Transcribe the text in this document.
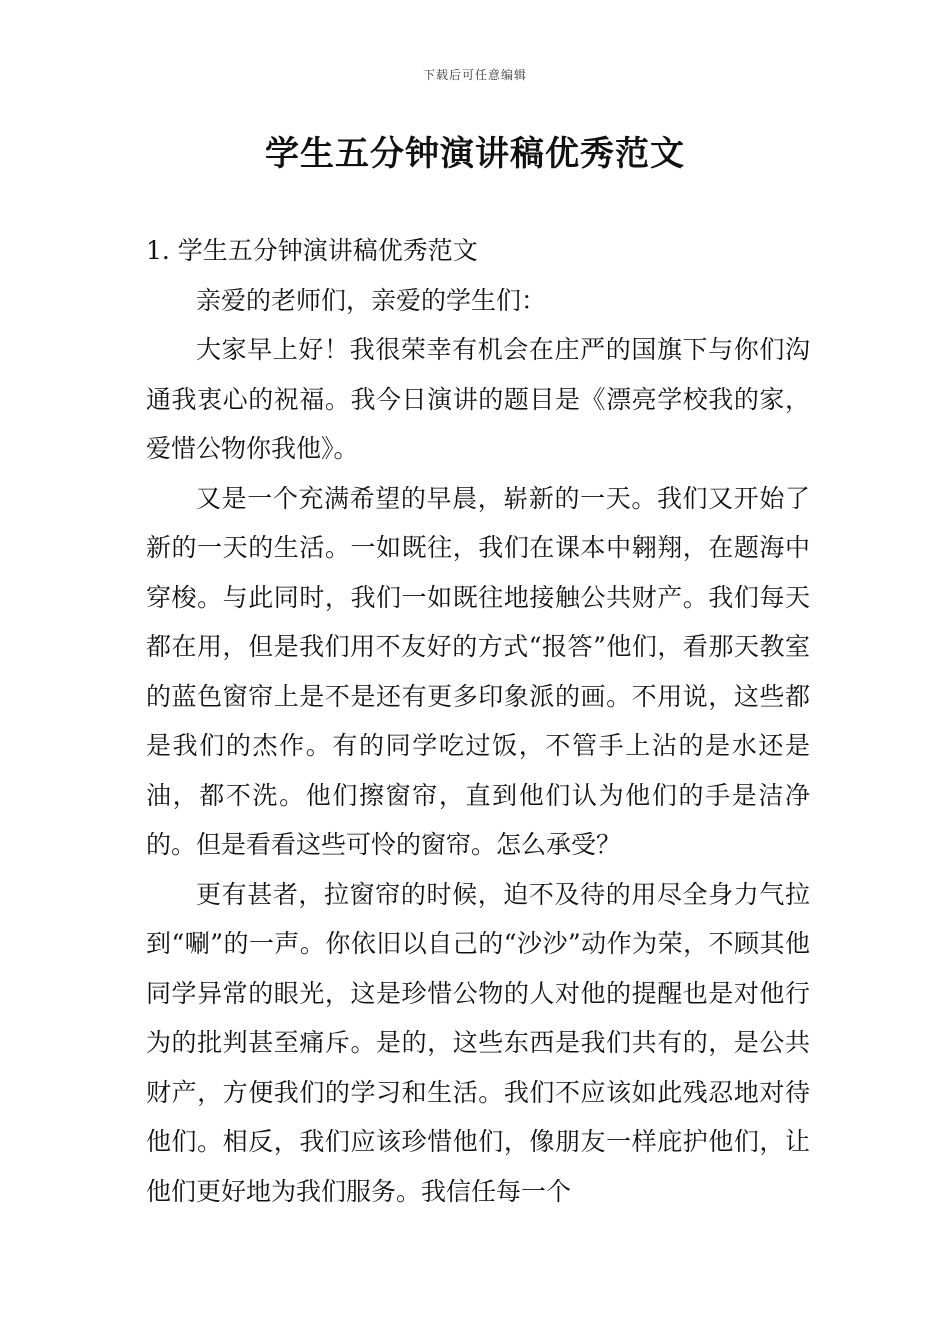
下载后可任意编辑
学生五分钟演讲稿优秀范文
1. 学生五分钟演讲稿优秀范文

亲爱的老师们，亲爱的学生们：

大家早上好！我很荣幸有机会在庄严的国旗下与你们沟通我衷心的祝福。我今日演讲的题目是《漂亮学校我的家，爱惜公物你我他》。

又是一个充满希望的早晨，崭新的一天。我们又开始了新的一天的生活。一如既往，我们在课本中翱翔，在题海中穿梭。与此同时，我们一如既往地接触公共财产。我们每天都在用，但是我们用不友好的方式“报答”他们，看那天教室的蓝色窗帘上是不是还有更多印象派的画。不用说，这些都是我们的杰作。有的同学吃过饭，不管手上沾的是水还是油，都不洗。他们擦窗帘，直到他们认为他们的手是洁净的。但是看看这些可怜的窗帘。怎么承受？

更有甚者，拉窗帘的时候，迫不及待的用尽全身力气拉到“唰”的一声。你依旧以自己的“沙沙”动作为荣，不顾其他同学异常的眼光，这是珍惜公物的人对他的提醒也是对他行为的批判甚至痛斥。是的，这些东西是我们共有的，是公共财产，方便我们的学习和生活。我们不应该如此残忍地对待他们。相反，我们应该珍惜他们，像朋友一样庇护他们，让他们更好地为我们服务。我信任每一个
